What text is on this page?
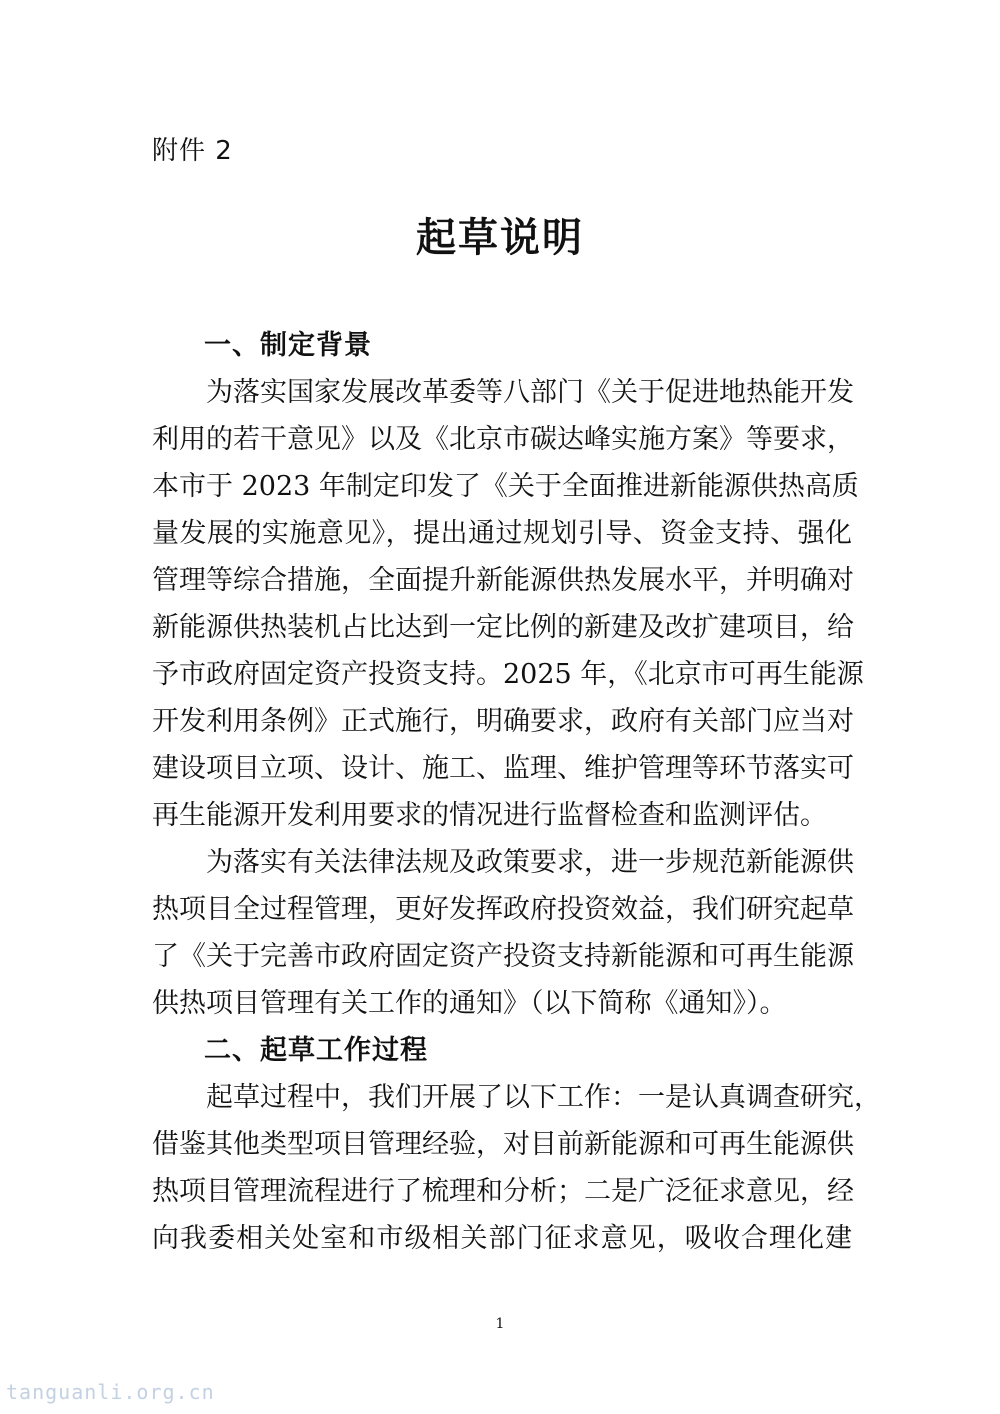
附件 2
起草说明
一、制定背景
为落实国家发展改革委等八部门《关于促进地热能开发
利用的若干意见》以及《北京市碳达峰实施方案》等要求，
本市于 2023 年制定印发了《关于全面推进新能源供热高质
量发展的实施意见》，提出通过规划引导、资金支持、强化
管理等综合措施，全面提升新能源供热发展水平，并明确对
新能源供热装机占比达到一定比例的新建及改扩建项目，给
予市政府固定资产投资支持。2025 年，《北京市可再生能源
开发利用条例》正式施行，明确要求，政府有关部门应当对
建设项目立项、设计、施工、监理、维护管理等环节落实可
再生能源开发利用要求的情况进行监督检查和监测评估。
为落实有关法律法规及政策要求，进一步规范新能源供
热项目全过程管理，更好发挥政府投资效益，我们研究起草
了《关于完善市政府固定资产投资支持新能源和可再生能源
供热项目管理有关工作的通知》（以下简称《通知》）。
二、起草工作过程
起草过程中，我们开展了以下工作：一是认真调查研究，
借鉴其他类型项目管理经验，对目前新能源和可再生能源供
热项目管理流程进行了梳理和分析；二是广泛征求意见，经
向我委相关处室和市级相关部门征求意见，吸收合理化建
1
tanguanli.org.cn
